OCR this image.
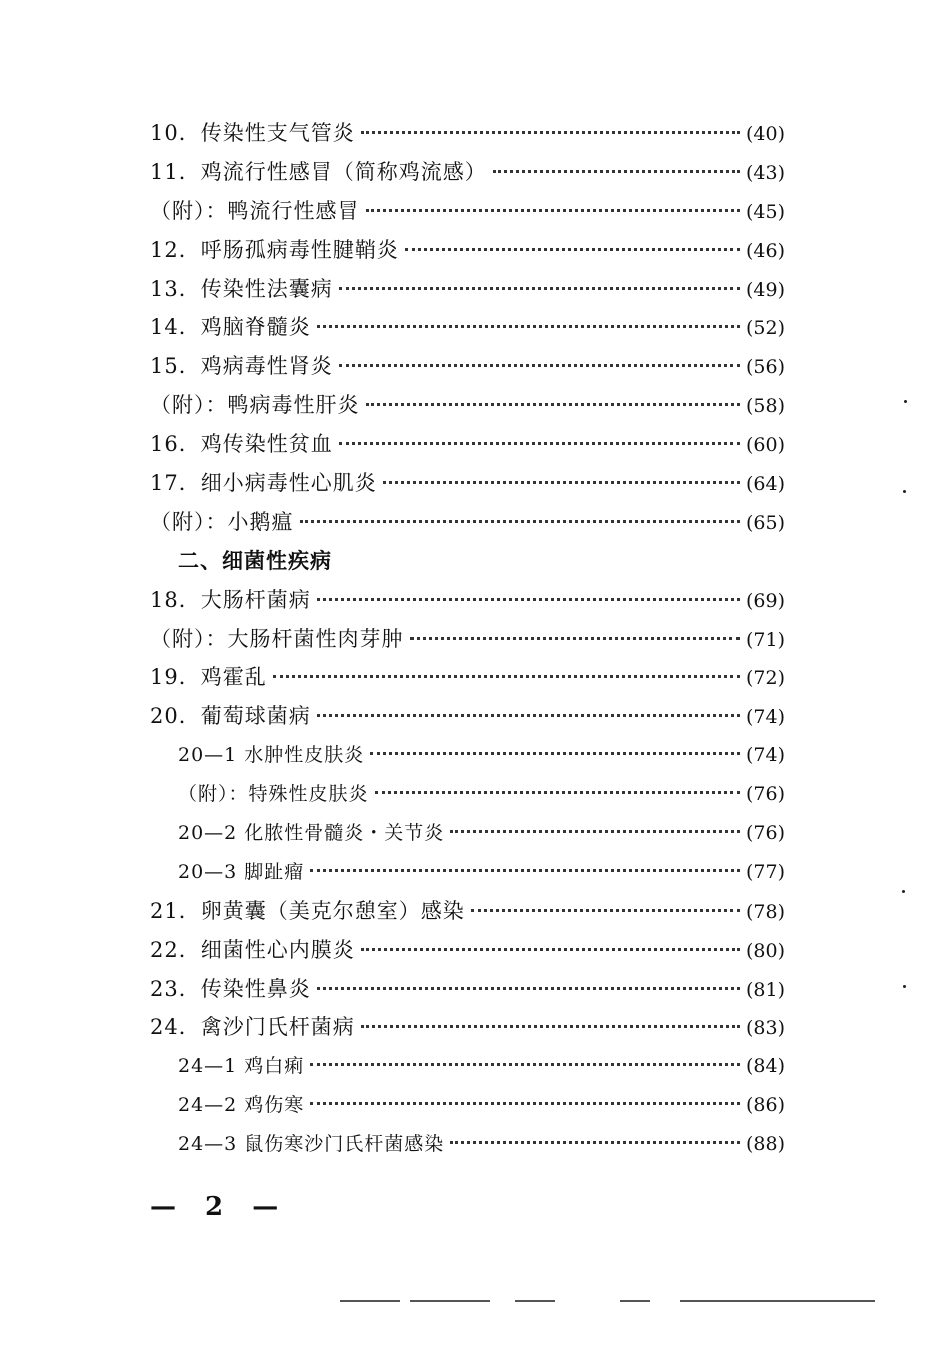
10．传染性支气管炎	(40)
11．鸡流行性感冒（简称鸡流感）	(43)
（附）：鸭流行性感冒	(45)
12．呼肠孤病毒性腱鞘炎	(46)
13．传染性法囊病	(49)
14．鸡脑脊髓炎	(52)
15．鸡病毒性肾炎	(56)
（附）：鸭病毒性肝炎	(58)
16．鸡传染性贫血	(60)
17．细小病毒性心肌炎	(64)
（附）：小鹅瘟	(65)
二、细菌性疾病
18．大肠杆菌病	(69)
（附）：大肠杆菌性肉芽肿	(71)
19．鸡霍乱	(72)
20．葡萄球菌病	(74)
20—1 水肿性皮肤炎	(74)
（附）：特殊性皮肤炎	(76)
20—2 化脓性骨髓炎・关节炎	(76)
20—3 脚趾瘤	(77)
21．卵黄囊（美克尔憩室）感染	(78)
22．细菌性心内膜炎	(80)
23．传染性鼻炎	(81)
24．禽沙门氏杆菌病	(83)
24—1 鸡白痢	(84)
24—2 鸡伤寒	(86)
24—3 鼠伤寒沙门氏杆菌感染	(88)
— 2 —
